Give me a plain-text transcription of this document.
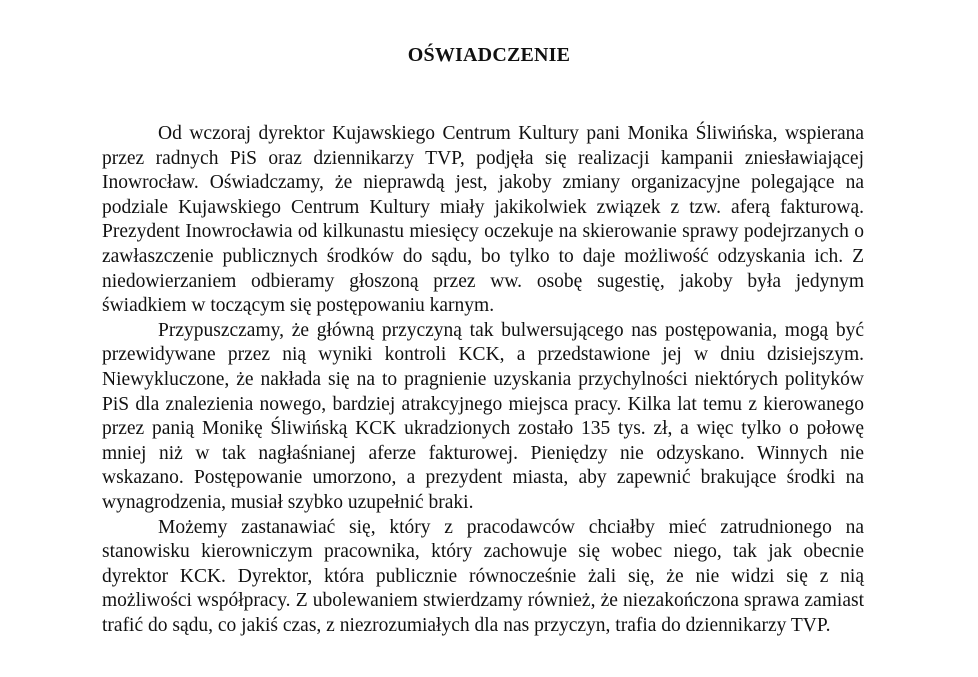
OŚWIADCZENIE

Od wczoraj dyrektor Kujawskiego Centrum Kultury pani Monika Śliwińska, wspierana przez radnych PiS oraz dziennikarzy TVP, podjęła się realizacji kampanii zniesławiającej Inowrocław. Oświadczamy, że nieprawdą jest, jakoby zmiany organizacyjne polegające na podziale Kujawskiego Centrum Kultury miały jakikolwiek związek z tzw. aferą fakturową. Prezydent Inowrocławia od kilkunastu miesięcy oczekuje na skierowanie sprawy podejrzanych o zawłaszczenie publicznych środków do sądu, bo tylko to daje możliwość odzyskania ich. Z niedowierzaniem odbieramy głoszoną przez ww. osobę sugestię, jakoby była jedynym świadkiem w toczącym się postępowaniu karnym.

Przypuszczamy, że główną przyczyną tak bulwersującego nas postępowania, mogą być przewidywane przez nią wyniki kontroli KCK, a przedstawione jej w dniu dzisiejszym. Niewykluczone, że nakłada się na to pragnienie uzyskania przychylności niektórych polityków PiS dla znalezienia nowego, bardziej atrakcyjnego miejsca pracy. Kilka lat temu z kierowanego przez panią Monikę Śliwińską KCK ukradzionych zostało 135 tys. zł, a więc tylko o połowę mniej niż w tak nagłaśnianej aferze fakturowej. Pieniędzy nie odzyskano. Winnych nie wskazano. Postępowanie umorzono, a prezydent miasta, aby zapewnić brakujące środki na wynagrodzenia, musiał szybko uzupełnić braki.

Możemy zastanawiać się, który z pracodawców chciałby mieć zatrudnionego na stanowisku kierowniczym pracownika, który zachowuje się wobec niego, tak jak obecnie dyrektor KCK. Dyrektor, która publicznie równocześnie żali się, że nie widzi się z nią możliwości współpracy. Z ubolewaniem stwierdzamy również, że niezakończona sprawa zamiast trafić do sądu, co jakiś czas, z niezrozumiałych dla nas przyczyn, trafia do dziennikarzy TVP.
